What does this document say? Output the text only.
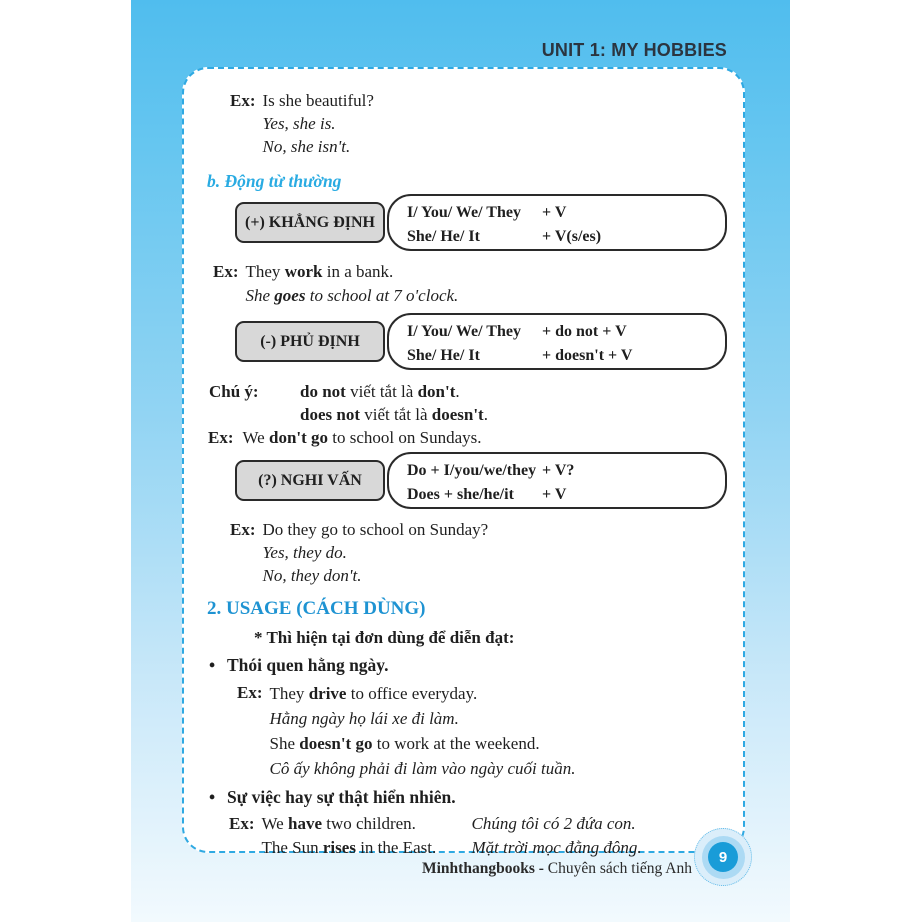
UNIT 1: MY HOBBIES
Ex: Is she beautiful?
Yes, she is.
No, she isn't.
b. Động từ thường
(+) KHẲNG ĐỊNH
I/ You/ We/ They + V
She/ He/ It	+ V(s/es)
Ex: They work in a bank.
She goes to school at 7 o'clock.
(-) PHỦ ĐỊNH
I/ You/ We/ They + do not + V
She/ He/ It	+ doesn't + V
Chú ý:	do not viết tắt là don't.
does not viết tắt là doesn't.
Ex: We don't go to school on Sundays.
(?) NGHI VẤN
Do + I/you/we/they + V?
Does + she/he/it + V
Ex: Do they go to school on Sunday?
Yes, they do.
No, they don't.
2. USAGE (CÁCH DÙNG)
* Thì hiện tại đơn dùng để diễn đạt:
• Thói quen hằng ngày.
Ex: They drive to office everyday.
Hằng ngày họ lái xe đi làm.
She doesn't go to work at the weekend.
Cô ấy không phải đi làm vào ngày cuối tuần.
• Sự việc hay sự thật hiển nhiên.
Ex: We have two children.	Chúng tôi có 2 đứa con.
The Sun rises in the East. Mặt trời mọc đằng đông.
Minhthangbooks - Chuyên sách tiếng Anh
9
